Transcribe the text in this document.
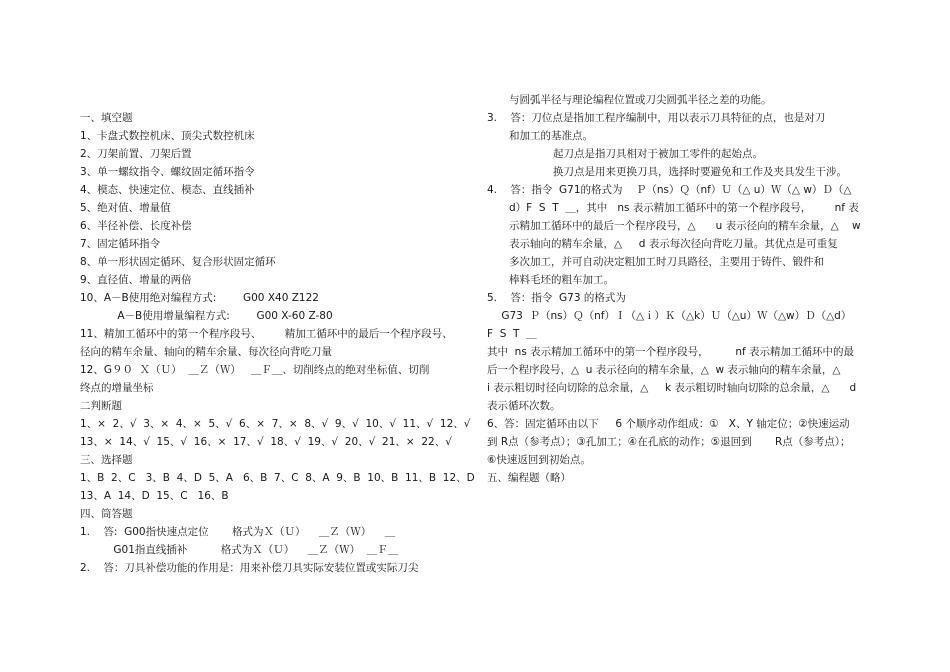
一、填空题
1、卡盘式数控机床、顶尖式数控机床
2、刀架前置、刀架后置
3、单一螺纹指令、螺纹固定循环指令
4、模态、快速定位、模态、直线插补
5、绝对值、增量值
6、半径补偿、长度补偿
7、固定循环指令
8、单一形状固定循环、复合形状固定循环
9、直径值、增量的两倍
10、A－B使用绝对编程方式:        G00 X40 Z122
A－B使用增量编程方式:        G00 X-60 Z-80
11、精加工循环中的第一个程序段号、       精加工循环中的最后一个程序段号、
径向的精车余量、轴向的精车余量、每次径向背吃刀量
12、G９０  Ｘ（Ｕ）  ＿Ｚ（Ｗ）   ＿Ｆ＿、切削终点的绝对坐标值、切削
终点的增量坐标
二判断题
1、×  2、√  3、×  4、×  5、√  6、×  7、×  8、√  9、√  10、√  11、√  12、√
13、×  14、√  15、√  16、×  17、√  18、√  19、√  20、√  21、×  22、√
三、选择题
1、B  2、C   3、B  4、D  5、A   6、B  7、C  8、A  9、B  10、B  11、B  12、D
13、A  14、D  15、C   16、B
四、筒答题
1.    答:  G00指快速点定位       格式为Ｘ（Ｕ）    ＿Ｚ（Ｗ）    ＿
G01指直线插补          格式为Ｘ（Ｕ）    ＿Ｚ（Ｗ）  ＿Ｆ＿
2.    答：刀具补偿功能的作用是：用来补偿刀具实际安装位置或实际刀尖
与圆弧半径与理论编程位置或刀尖圆弧半径之差的功能。
3.    答：刀位点是指加工程序编制中，用以表示刀具特征的点，也是对刀
和加工的基准点。
起刀点是指刀具相对于被加工零件的起始点。
换刀点是用来更换刀具，选择时要避免和工作及夹具发生干涉。
4.    答：指令  G71的格式为    Ｐ（ns）Ｑ（nf）Ｕ（△ u）Ｗ（△ w）Ｄ（△
d）F  S  T  ＿，其中   ns 表示精加工循环中的第一个程序段号，       nf 表
示精加工循环中的最后一个程序段号，△      u 表示径向的精车余量，△    w
表示轴向的精车余量，△     d 表示每次径向背吃刀量。其优点是可重复
多次加工，并可自动决定粗加工时刀具路径，主要用于铸件、锻件和
棒料毛坯的粗车加工。
5.    答：指令  G73 的格式为
G73  Ｐ（ns）Ｑ（nf）Ｉ（△ｉ）Ｋ（△k）Ｕ（△u）Ｗ（△w）Ｄ（△d）
F  S  T  ＿
其中  ns 表示精加工循环中的第一个程序段号，        nf 表示精加工循环中的最
后一个程序段号，△  u 表示径向的精车余量，△  w 表示轴向的精车余量，△
i 表示粗切时径向切除的总余量，△     k 表示粗切时轴向切除的总余量，△      d
表示循环次数。
6、答：固定循环由以下     6 个顺序动作组成：①   X、Y 轴定位；②快速运动
到 R点（参考点）；③孔加工；④在孔底的动作；⑤退回到       R点（参考点）；
⑥快速返回到初始点。
五、编程题（略）
